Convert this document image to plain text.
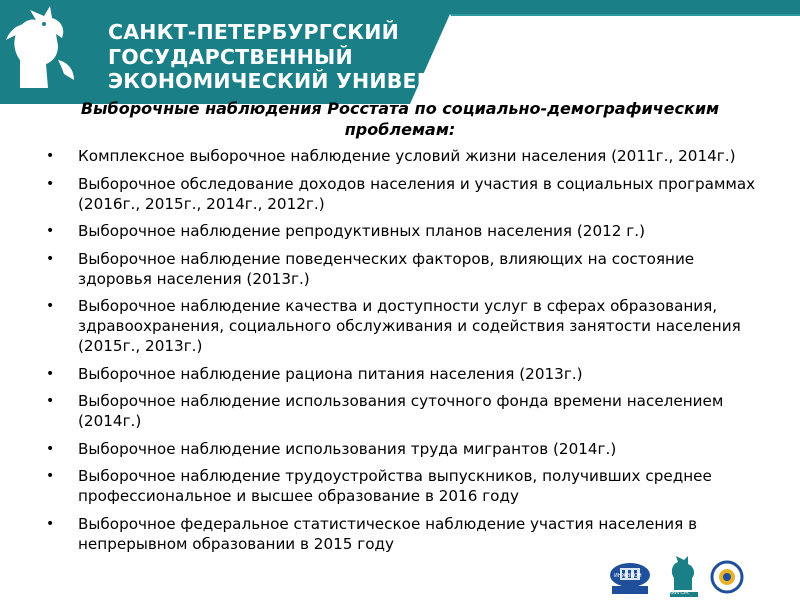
САНКТ-ПЕТЕРБУРГСКИЙ
ГОСУДАРСТВЕННЫЙ
ЭКОНОМИЧЕСКИЙ УНИВЕРСИТЕТ
Выборочные наблюдения Росстата по социально-демографическим
проблемам:
• Комплексное выборочное наблюдение условий жизни населения (2011г., 2014г.)
• Выборочное обследование доходов населения и участия в социальных программах (2016г., 2015г., 2014г., 2012г.)
• Выборочное наблюдение репродуктивных планов населения (2012 г.)
• Выборочное наблюдение поведенческих факторов, влияющих на состояние здоровья населения (2013г.)
• Выборочное наблюдение качества и доступности услуг в сферах образования, здравоохранения, социального обслуживания и содействия занятости населения (2015г., 2013г.)
• Выборочное наблюдение рациона питания населения (2013г.)
• Выборочное наблюдение использования суточного фонда времени населением (2014г.)
• Выборочное наблюдение использования труда мигрантов (2014г.)
• Выборочное наблюдение трудоустройства выпускников, получивших среднее профессиональное и высшее образование в 2016 году
• Выборочное федеральное статистическое наблюдение участия населения в непрерывном образовании в 2015 году
ИНЖЭКОН
ФИНЭК
